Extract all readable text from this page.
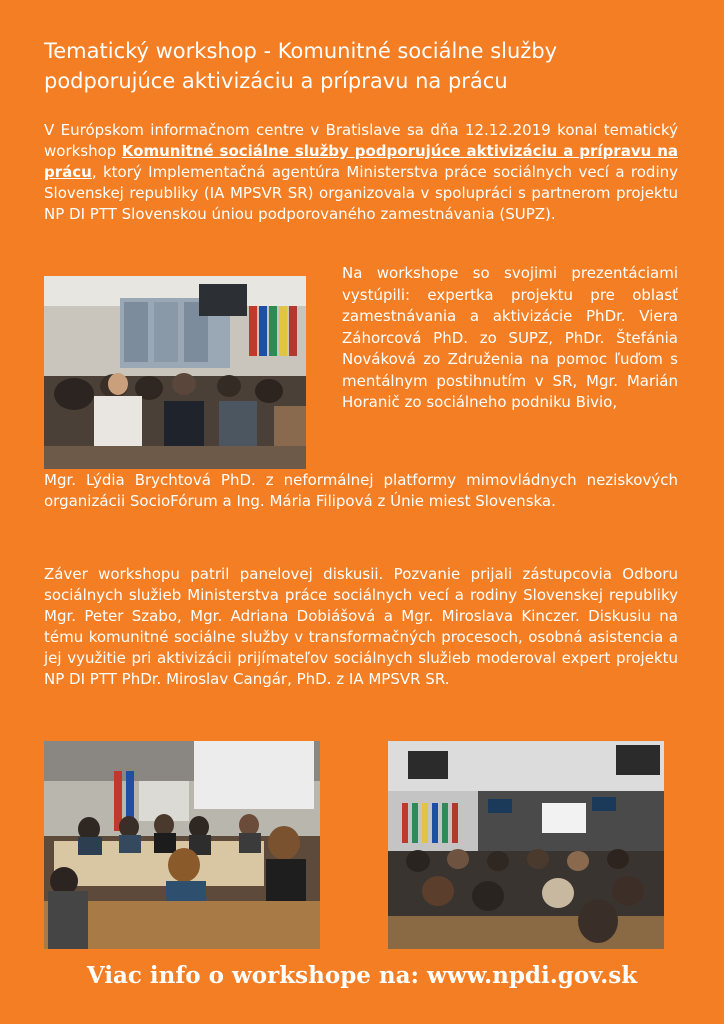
Tematický workshop - Komunitné sociálne služby
podporujúce aktivizáciu a prípravu na prácu

V Európskom informačnom centre v Bratislave sa dňa 12.12.2019 konal tematický workshop Komunitné sociálne služby podporujúce aktivizáciu a prípravu na prácu, ktorý Implementačná agentúra Ministerstva práce sociálnych vecí a rodiny Slovenskej republiky (IA MPSVR SR) organizovala v spolupráci s partnerom projektu NP DI PTT Slovenskou úniou podporovaného zamestnávania (SUPZ).

Na workshope so svojimi prezentáciami vystúpili: expertka projektu pre oblasť zamestnávania a aktivizácie PhDr. Viera Záhorcová PhD. zo SUPZ, PhDr. Štefánia Nováková zo Združenia na pomoc ľuďom s mentálnym postihnutím v SR, Mgr. Marián Horanič zo sociálneho podniku Bivio,

Mgr. Lýdia Brychtová PhD. z neformálnej platformy mimovládnych neziskových organizácii SocioFórum a Ing. Mária Filipová z Únie miest Slovenska.

Záver workshopu patril panelovej diskusii. Pozvanie prijali zástupcovia Odboru sociálnych služieb Ministerstva práce sociálnych vecí a rodiny Slovenskej republiky Mgr. Peter Szabo, Mgr. Adriana Dobiášová a Mgr. Miroslava Kinczer. Diskusiu na tému komunitné sociálne služby v transformačných procesoch, osobná asistencia a jej využitie pri aktivizácii prijímateľov sociálnych služieb moderoval expert projektu NP DI PTT PhDr. Miroslav Cangár, PhD. z IA MPSVR SR.

Viac info o workshope na: www.npdi.gov.sk
